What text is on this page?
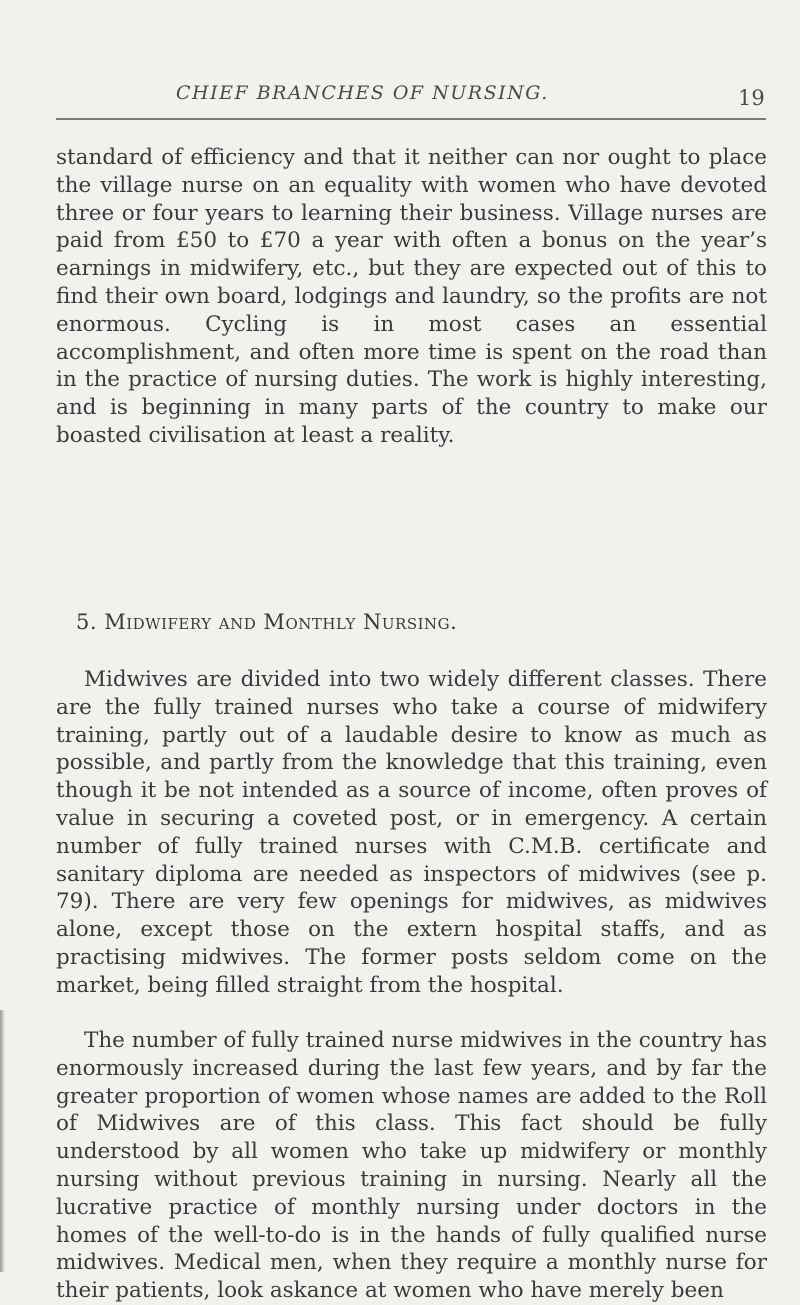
CHIEF BRANCHES OF NURSING.	19

standard of efficiency and that it neither can nor ought to place the village nurse on an equality with women who have devoted three or four years to learning their business. Village nurses are paid from £50 to £70 a year with often a bonus on the year’s earnings in midwifery, etc., but they are expected out of this to find their own board, lodgings and laundry, so the profits are not enormous. Cycling is in most cases an essential accomplishment, and often more time is spent on the road than in the practice of nursing duties. The work is highly interesting, and is beginning in many parts of the country to make our boasted civilisation at least a reality.

5. Midwifery and Monthly Nursing.

Midwives are divided into two widely different classes. There are the fully trained nurses who take a course of midwifery training, partly out of a laudable desire to know as much as possible, and partly from the knowledge that this training, even though it be not intended as a source of income, often proves of value in securing a coveted post, or in emergency. A certain number of fully trained nurses with C.M.B. certificate and sanitary diploma are needed as inspectors of midwives (see p. 79). There are very few openings for midwives, as midwives alone, except those on the extern hospital staffs, and as practising midwives. The former posts seldom come on the market, being filled straight from the hospital.

The number of fully trained nurse midwives in the country has enormously increased during the last few years, and by far the greater proportion of women whose names are added to the Roll of Midwives are of this class. This fact should be fully understood by all women who take up midwifery or monthly nursing without previous training in nursing. Nearly all the lucrative practice of monthly nursing under doctors in the homes of the well-to-do is in the hands of fully qualified nurse midwives. Medical men, when they require a monthly nurse for their patients, look askance at women who have merely been
